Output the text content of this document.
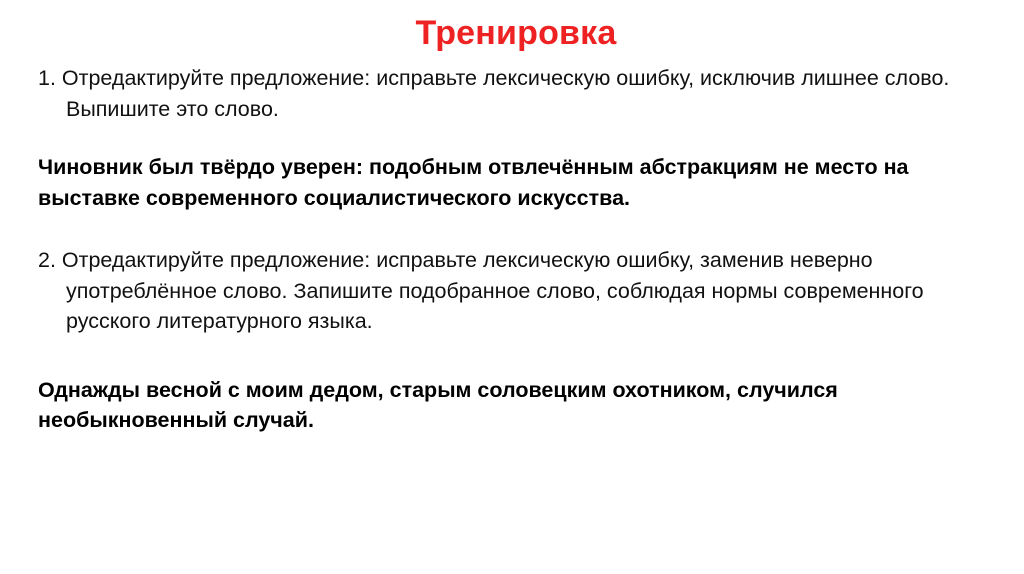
Тренировка
1. Отредактируйте предложение: исправьте лексическую ошибку, исключив лишнее слово. Выпишите это слово.

Чиновник был твёрдо уверен: подобным отвлечённым абстракциям не место на выставке современного социалистического искусства.

2. Отредактируйте предложение: исправьте лексическую ошибку, заменив неверно употреблённое слово. Запишите подобранное слово, соблюдая нормы современного русского литературного языка.

Однажды весной с моим дедом, старым соловецким охотником, случился необыкновенный случай.
